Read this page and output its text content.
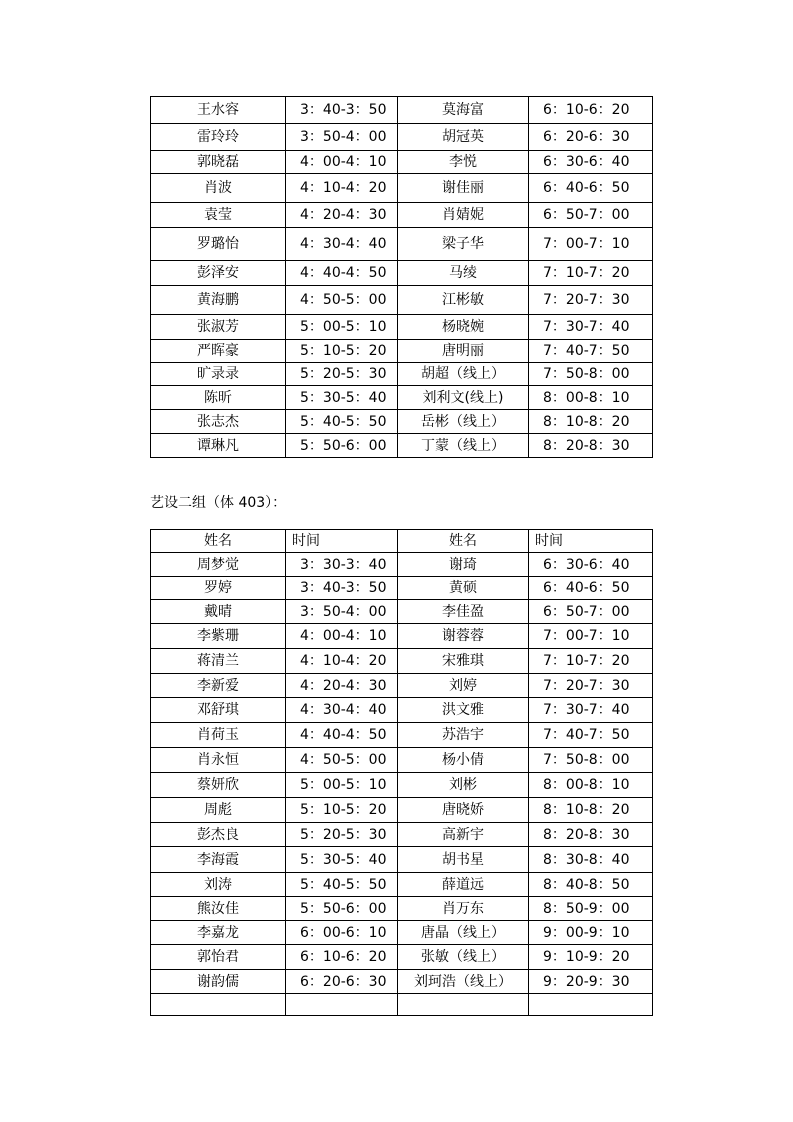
王水容	3：40-3：50	莫海富	6：10-6：20
雷玲玲	3：50-4：00	胡冠英	6：20-6：30
郭晓磊	4：00-4：10	李悦	6：30-6：40
肖波	4：10-4：20	谢佳丽	6：40-6：50
袁莹	4：20-4：30	肖婧妮	6：50-7：00
罗璐怡	4：30-4：40	梁子华	7：00-7：10
彭泽安	4：40-4：50	马绫	7：10-7：20
黄海鹏	4：50-5：00	江彬敏	7：20-7：30
张淑芳	5：00-5：10	杨晓婉	7：30-7：40
严晖豪	5：10-5：20	唐明丽	7：40-7：50
旷录录	5：20-5：30	胡超（线上）	7：50-8：00
陈昕	5：30-5：40	刘利文(线上)	8：00-8：10
张志杰	5：40-5：50	岳彬（线上）	8：10-8：20
谭琳凡	5：50-6：00	丁蒙（线上）	8：20-8：30
艺设二组（体 403）：
姓名	时间	姓名	时间
周梦觉	3：30-3：40	谢琦	6：30-6：40
罗婷	3：40-3：50	黄硕	6：40-6：50
戴晴	3：50-4：00	李佳盈	6：50-7：00
李紫珊	4：00-4：10	谢蓉蓉	7：00-7：10
蒋清兰	4：10-4：20	宋雅琪	7：10-7：20
李新爱	4：20-4：30	刘婷	7：20-7：30
邓舒琪	4：30-4：40	洪文雅	7：30-7：40
肖荷玉	4：40-4：50	苏浩宇	7：40-7：50
肖永恒	4：50-5：00	杨小倩	7：50-8：00
蔡妍欣	5：00-5：10	刘彬	8：00-8：10
周彪	5：10-5：20	唐晓娇	8：10-8：20
彭杰良	5：20-5：30	高新宇	8：20-8：30
李海霞	5：30-5：40	胡书星	8：30-8：40
刘涛	5：40-5：50	薛道远	8：40-8：50
熊汝佳	5：50-6：00	肖万东	8：50-9：00
李嘉龙	6：00-6：10	唐晶（线上）	9：00-9：10
郭怡君	6：10-6：20	张敏（线上）	9：10-9：20
谢韵儒	6：20-6：30	刘珂浩（线上）	9：20-9：30
